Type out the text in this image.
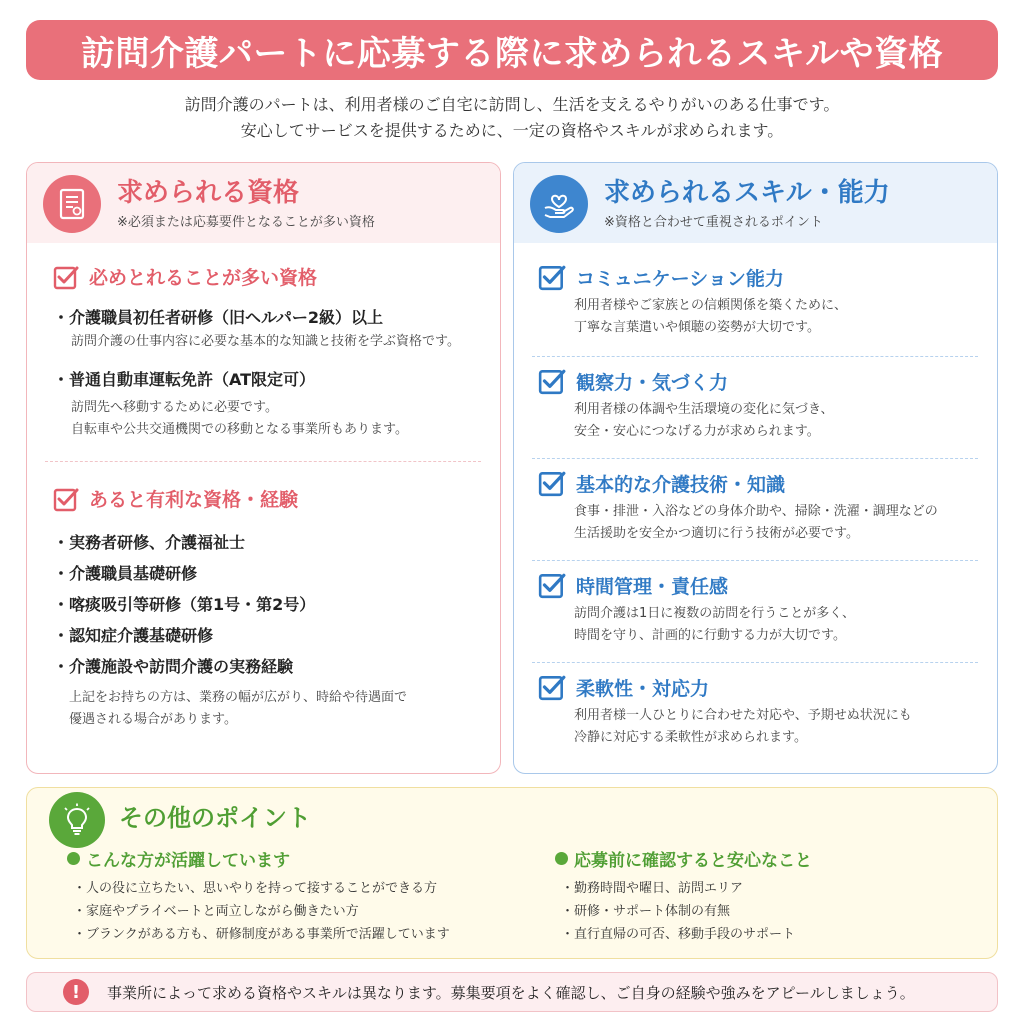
訪問介護パートに応募する際に求められるスキルや資格
訪問介護のパートは、利用者様のご自宅に訪問し、生活を支えるやりがいのある仕事です。
安心してサービスを提供するために、一定の資格やスキルが求められます。
求められる資格
※必須または応募要件となることが多い資格
必めとれることが多い資格
・介護職員初任者研修（旧ヘルパー2級）以上
訪問介護の仕事内容に必要な基本的な知識と技術を学ぶ資格です。
・普通自動車運転免許（AT限定可）
訪問先へ移動するために必要です。
自転車や公共交通機関での移動となる事業所もあります。
あると有利な資格・経験
・実務者研修、介護福祉士
・介護職員基礎研修
・喀痰吸引等研修（第1号・第2号）
・認知症介護基礎研修
・介護施設や訪問介護の実務経験
上記をお持ちの方は、業務の幅が広がり、時給や待遇面で
優遇される場合があります。
求められるスキル・能力
※資格と合わせて重視されるポイント
コミュニケーション能力
利用者様やご家族との信頼関係を築くために、
丁寧な言葉遣いや傾聴の姿勢が大切です。
観察力・気づく力
利用者様の体調や生活環境の変化に気づき、
安全・安心につなげる力が求められます。
基本的な介護技術・知識
食事・排泄・入浴などの身体介助や、掃除・洗濯・調理などの
生活援助を安全かつ適切に行う技術が必要です。
時間管理・責任感
訪問介護は1日に複数の訪問を行うことが多く、
時間を守り、計画的に行動する力が大切です。
柔軟性・対応力
利用者様一人ひとりに合わせた対応や、予期せぬ状況にも
冷静に対応する柔軟性が求められます。
その他のポイント
こんな方が活躍しています
・人の役に立ちたい、思いやりを持って接することができる方
・家庭やプライベートと両立しながら働きたい方
・ブランクがある方も、研修制度がある事業所で活躍しています
応募前に確認すると安心なこと
・勤務時間や曜日、訪問エリア
・研修・サポート体制の有無
・直行直帰の可否、移動手段のサポート
!	事業所によって求める資格やスキルは異なります。募集要項をよく確認し、ご自身の経験や強みをアピールしましょう。
